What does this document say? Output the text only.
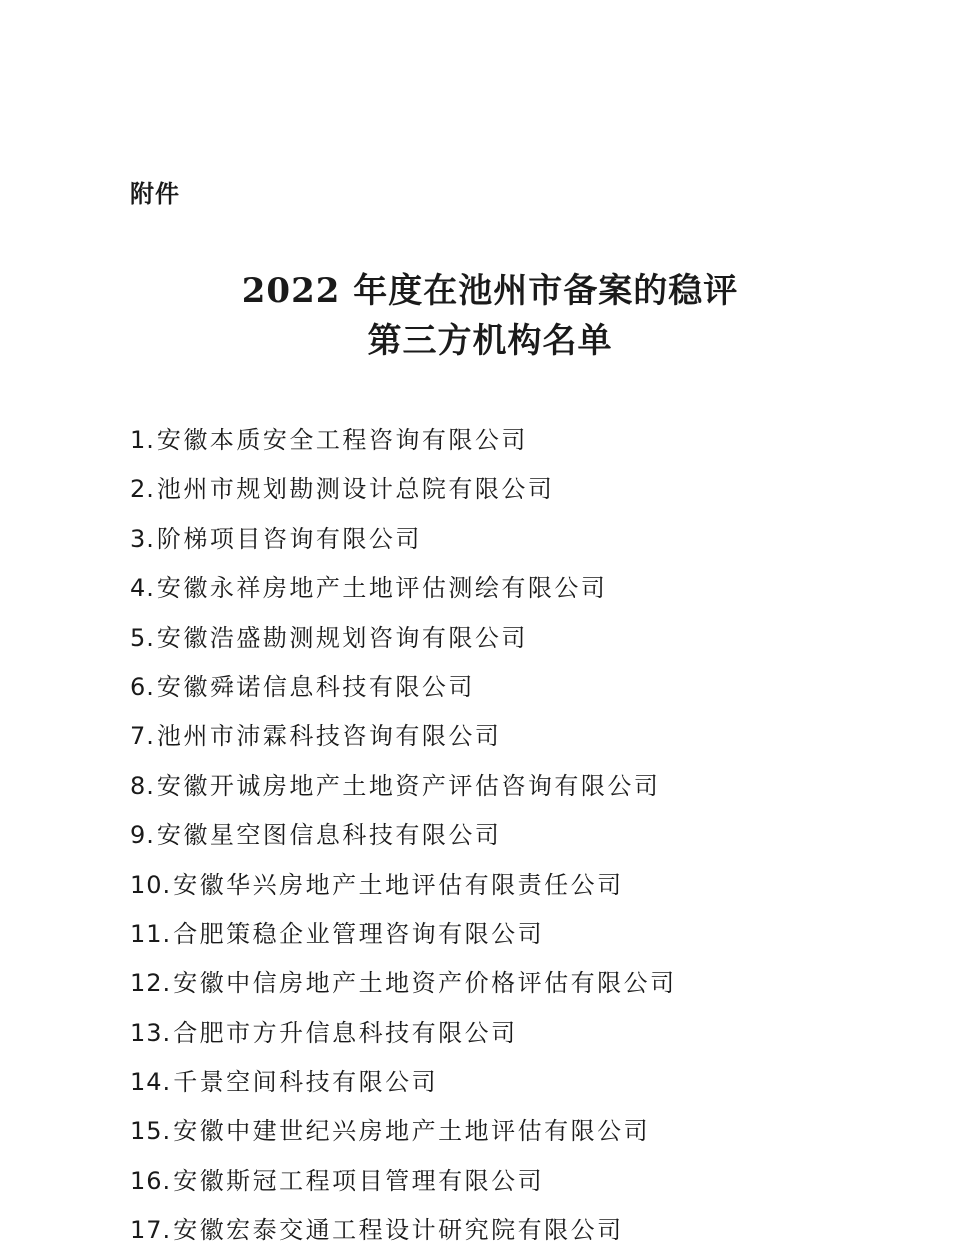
附件
2022 年度在池州市备案的稳评
第三方机构名单
1 . 安徽本质安全工程咨询有限公司
2 . 池州市规划勘测设计总院有限公司
3 . 阶梯项目咨询有限公司
4 . 安徽永祥房地产土地评估测绘有限公司
5 . 安徽浩盛勘测规划咨询有限公司
6 . 安徽舜诺信息科技有限公司
7 . 池州市沛霖科技咨询有限公司
8 . 安徽开诚房地产土地资产评估咨询有限公司
9 . 安徽星空图信息科技有限公司
10 . 安徽华兴房地产土地评估有限责任公司
11 . 合肥策稳企业管理咨询有限公司
12 . 安徽中信房地产土地资产价格评估有限公司
13 . 合肥市方升信息科技有限公司
14 . 千景空间科技有限公司
15 . 安徽中建世纪兴房地产土地评估有限公司
16 . 安徽斯冠工程项目管理有限公司
17 . 安徽宏泰交通工程设计研究院有限公司
